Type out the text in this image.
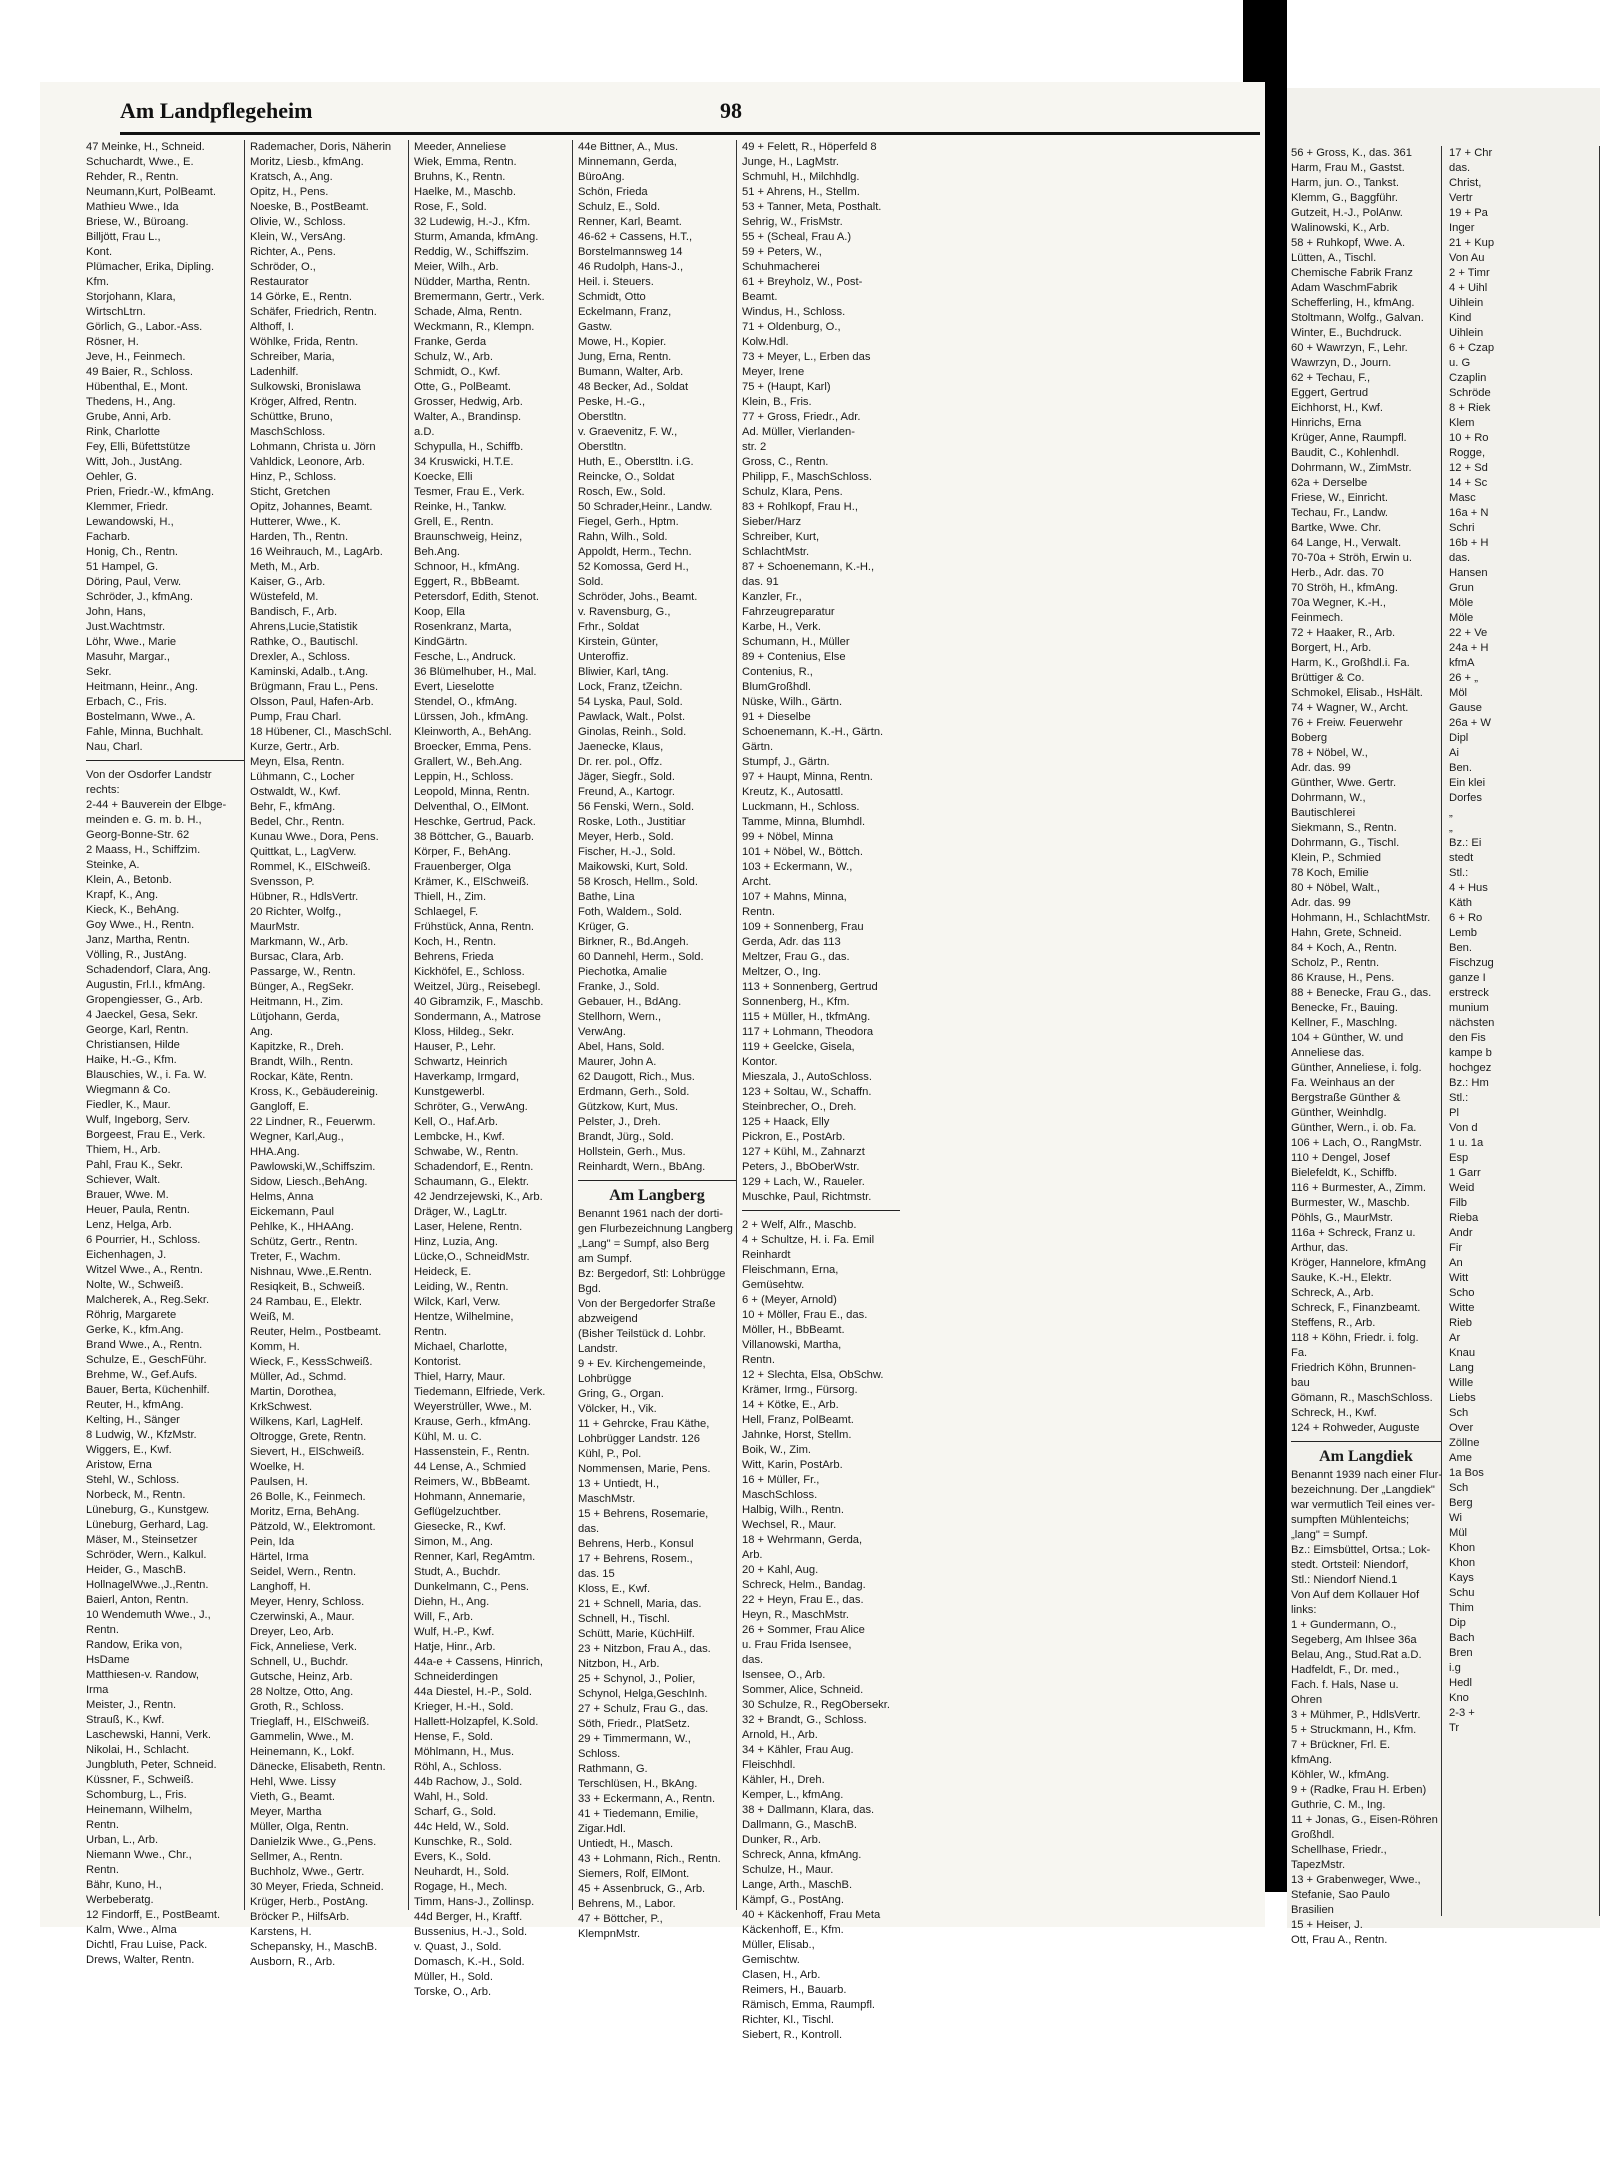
Am Landpflegeheim	98
47 Meinke, H., Schneid.
Schuchardt, Wwe., E.
Rehder, R., Rentn.
Neumann,Kurt, PolBeamt.
Mathieu Wwe., Ida
Briese, W., Büroang.
Billjött, Frau L.,
Kont.
Plümacher, Erika, Dipling.
Kfm.
Storjohann, Klara,
WirtschLtrn.
Görlich, G., Labor.-Ass.
Rösner, H.
Jeve, H., Feinmech.
49 Baier, R., Schloss.
Hübenthal, E., Mont.
Thedens, H., Ang.
Grube, Anni, Arb.
Rink, Charlotte
Fey, Elli, Büfettstütze
Witt, Joh., JustAng.
Oehler, G.
Prien, Friedr.-W., kfmAng.
Klemmer, Friedr.
Lewandowski, H.,
Facharb.
Honig, Ch., Rentn.
51 Hampel, G.
Döring, Paul, Verw.
Schröder, J., kfmAng.
John, Hans,
Just.Wachtmstr.
Löhr, Wwe., Marie
Masuhr, Margar.,
Sekr.
Heitmann, Heinr., Ang.
Erbach, C., Fris.
Bostelmann, Wwe., A.
Fahle, Minna, Buchhalt.
Nau, Charl.
Von der Osdorfer Landstr
rechts:
2-44 + Bauverein der Elbge-
meinden e. G. m. b. H.,
Georg-Bonne-Str. 62
2 Maass, H., Schiffzim.
Steinke, A.
Klein, A., Betonb.
Krapf, K., Ang.
Kieck, K., BehAng.
Goy Wwe., H., Rentn.
Janz, Martha, Rentn.
Völling, R., JustAng.
Schadendorf, Clara, Ang.
Augustin, Frl.I., kfmAng.
Gropengiesser, G., Arb.
4 Jaeckel, Gesa, Sekr.
George, Karl, Rentn.
Christiansen, Hilde
Haike, H.-G., Kfm.
Blauschies, W., i. Fa. W.
Wiegmann & Co.
Fiedler, K., Maur.
Wulf, Ingeborg, Serv.
Borgeest, Frau E., Verk.
Thiem, H., Arb.
Pahl, Frau K., Sekr.
Schiever, Walt.
Brauer, Wwe. M.
Heuer, Paula, Rentn.
Lenz, Helga, Arb.
6 Pourrier, H., Schloss.
Eichenhagen, J.
Witzel Wwe., A., Rentn.
Nolte, W., Schweiß.
Malcherek, A., Reg.Sekr.
Röhrig, Margarete
Gerke, K., kfm.Ang.
Brand Wwe., A., Rentn.
Schulze, E., GeschFühr.
Brehme, W., Gef.Aufs.
Bauer, Berta, Küchenhilf.
Reuter, H., kfmAng.
Kelting, H., Sänger
8 Ludwig, W., KfzMstr.
Wiggers, E., Kwf.
Aristow, Erna
Stehl, W., Schloss.
Norbeck, M., Rentn.
Lüneburg, G., Kunstgew.
Lüneburg, Gerhard, Lag.
Mäser, M., Steinsetzer
Schröder, Wern., Kalkul.
Heider, G., MaschB.
HollnagelWwe.,J.,Rentn.
Baierl, Anton, Rentn.
10 Wendemuth Wwe., J.,
Rentn.
Randow, Erika von,
HsDame
Matthiesen-v. Randow,
Irma
Meister, J., Rentn.
Strauß, K., Kwf.
Laschewski, Hanni, Verk.
Nikolai, H., Schlacht.
Jungbluth, Peter, Schneid.
Küssner, F., Schweiß.
Schomburg, L., Fris.
Heinemann, Wilhelm,
Rentn.
Urban, L., Arb.
Niemann Wwe., Chr.,
Rentn.
Bähr, Kuno, H.,
Werbeberatg.
12 Findorff, E., PostBeamt.
Kalm, Wwe., Alma
Dichtl, Frau Luise, Pack.
Drews, Walter, Rentn.
Rademacher, Doris, Näherin
Moritz, Liesb., kfmAng.
Kratsch, A., Ang.
Opitz, H., Pens.
Noeske, B., PostBeamt.
Olivie, W., Schloss.
Klein, W., VersAng.
Richter, A., Pens.
Schröder, O.,
Restaurator
14 Görke, E., Rentn.
Schäfer, Friedrich, Rentn.
Althoff, I.
Wöhlke, Frida, Rentn.
Schreiber, Maria,
Ladenhilf.
Sulkowski, Bronislawa
Kröger, Alfred, Rentn.
Schüttke, Bruno,
MaschSchloss.
Lohmann, Christa u. Jörn
Vahldick, Leonore, Arb.
Hinz, P., Schloss.
Sticht, Gretchen
Opitz, Johannes, Beamt.
Hutterer, Wwe., K.
Harden, Th., Rentn.
16 Weihrauch, M., LagArb.
Meth, M., Arb.
Kaiser, G., Arb.
Wüstefeld, M.
Bandisch, F., Arb.
Ahrens,Lucie,Statistik
Rathke, O., Bautischl.
Drexler, A., Schloss.
Kaminski, Adalb., t.Ang.
Brügmann, Frau L., Pens.
Olsson, Paul, Hafen-Arb.
Pump, Frau Charl.
18 Hübener, Cl., MaschSchl.
Kurze, Gertr., Arb.
Meyn, Elsa, Rentn.
Lühmann, C., Locher
Ostwaldt, W., Kwf.
Behr, F., kfmAng.
Bedel, Chr., Rentn.
Kunau Wwe., Dora, Pens.
Quittkat, L., LagVerw.
Rommel, K., ElSchweiß.
Svensson, P.
Hübner, R., HdlsVertr.
20 Richter, Wolfg.,
MaurMstr.
Markmann, W., Arb.
Bursac, Clara, Arb.
Passarge, W., Rentn.
Bünger, A., RegSekr.
Heitmann, H., Zim.
Lütjohann, Gerda,
Ang.
Kapitzke, R., Dreh.
Brandt, Wilh., Rentn.
Rockar, Käte, Rentn.
Kross, K., Gebäudereinig.
Gangloff, E.
22 Lindner, R., Feuerwm.
Wegner, Karl,Aug.,
HHA.Ang.
Pawlowski,W.,Schiffszim.
Sidow, Liesch.,BehAng.
Helms, Anna
Eickemann, Paul
Pehlke, K., HHAAng.
Schütz, Gertr., Rentn.
Treter, F., Wachm.
Nishnau, Wwe.,E.Rentn.
Resiqkeit, B., Schweiß.
24 Rambau, E., Elektr.
Weiß, M.
Reuter, Helm., Postbeamt.
Komm, H.
Wieck, F., KessSchweiß.
Müller, Ad., Schmd.
Martin, Dorothea,
KrkSchwest.
Wilkens, Karl, LagHelf.
Oltrogge, Grete, Rentn.
Sievert, H., ElSchweiß.
Woelke, H.
Paulsen, H.
26 Bolle, K., Feinmech.
Moritz, Erna, BehAng.
Pätzold, W., Elektromont.
Pein, Ida
Härtel, Irma
Seidel, Wern., Rentn.
Langhoff, H.
Meyer, Henry, Schloss.
Czerwinski, A., Maur.
Dreyer, Leo, Arb.
Fick, Anneliese, Verk.
Schnell, U., Buchdr.
Gutsche, Heinz, Arb.
28 Noltze, Otto, Ang.
Groth, R., Schloss.
Trieglaff, H., ElSchweiß.
Gammelin, Wwe., M.
Heinemann, K., Lokf.
Dänecke, Elisabeth, Rentn.
Hehl, Wwe. Lissy
Vieth, G., Beamt.
Meyer, Martha
Müller, Olga, Rentn.
Danielzik Wwe., G.,Pens.
Sellmer, A., Rentn.
Buchholz, Wwe., Gertr.
30 Meyer, Frieda, Schneid.
Krüger, Herb., PostAng.
Bröcker P., HilfsArb.
Karstens, H.
Schepansky, H., MaschB.
Ausborn, R., Arb.
Meeder, Anneliese
Wiek, Emma, Rentn.
Bruhns, K., Rentn.
Haelke, M., Maschb.
Rose, F., Sold.
32 Ludewig, H.-J., Kfm.
Sturm, Amanda, kfmAng.
Reddig, W., Schiffszim.
Meier, Wilh., Arb.
Nüdder, Martha, Rentn.
Bremermann, Gertr., Verk.
Schade, Alma, Rentn.
Weckmann, R., Klempn.
Franke, Gerda
Schulz, W., Arb.
Schmidt, O., Kwf.
Otte, G., PolBeamt.
Grosser, Hedwig, Arb.
Walter, A., Brandinsp.
a.D.
Schypulla, H., Schiffb.
34 Kruswicki, H.T.E.
Koecke, Elli
Tesmer, Frau E., Verk.
Reinke, H., Tankw.
Grell, E., Rentn.
Braunschweig, Heinz,
Beh.Ang.
Schnoor, H., kfmAng.
Eggert, R., BbBeamt.
Petersdorf, Edith, Stenot.
Koop, Ella
Rosenkranz, Marta,
KindGärtn.
Fesche, L., Andruck.
36 Blümelhuber, H., Mal.
Evert, Lieselotte
Stendel, O., kfmAng.
Lürssen, Joh., kfmAng.
Kleinworth, A., BehAng.
Broecker, Emma, Pens.
Grallert, W., Beh.Ang.
Leppin, H., Schloss.
Leopold, Minna, Rentn.
Delventhal, O., ElMont.
Heschke, Gertrud, Pack.
38 Böttcher, G., Bauarb.
Körper, F., BehAng.
Frauenberger, Olga
Krämer, K., ElSchweiß.
Thiell, H., Zim.
Schlaegel, F.
Frühstück, Anna, Rentn.
Koch, H., Rentn.
Behrens, Frieda
Kickhöfel, E., Schloss.
Weitzel, Jürg., Reisebegl.
40 Gibramzik, F., Maschb.
Sondermann, A., Matrose
Kloss, Hildeg., Sekr.
Hauser, P., Lehr.
Schwartz, Heinrich
Haverkamp, Irmgard,
Kunstgewerbl.
Schröter, G., VerwAng.
Kell, O., Haf.Arb.
Lembcke, H., Kwf.
Schwabe, W., Rentn.
Schadendorf, E., Rentn.
Schaumann, G., Elektr.
42 Jendrzejewski, K., Arb.
Dräger, W., LagLtr.
Laser, Helene, Rentn.
Hinz, Luzia, Ang.
Lücke,O., SchneidMstr.
Heideck, E.
Leiding, W., Rentn.
Wilck, Karl, Verw.
Hentze, Wilhelmine,
Rentn.
Michael, Charlotte,
Kontorist.
Thiel, Harry, Maur.
Tiedemann, Elfriede, Verk.
Weyerstrüller, Wwe., M.
Krause, Gerh., kfmAng.
Kühl, M. u. C.
Hassenstein, F., Rentn.
44 Lense, A., Schmied
Reimers, W., BbBeamt.
Hohmann, Annemarie,
Geflügelzuchtber.
Giesecke, R., Kwf.
Simon, M., Ang.
Renner, Karl, RegAmtm.
Studt, A., Buchdr.
Dunkelmann, C., Pens.
Diehn, H., Ang.
Will, F., Arb.
Wulf, H.-P., Kwf.
Hatje, Hinr., Arb.
44a-e + Cassens, Hinrich,
Schneiderdingen
44a Diestel, H.-P., Sold.
Krieger, H.-H., Sold.
Hallett-Holzapfel, K.Sold.
Hense, F., Sold.
Möhlmann, H., Mus.
Röhl, A., Schloss.
44b Rachow, J., Sold.
Wahl, H., Sold.
Scharf, G., Sold.
44c Held, W., Sold.
Kunschke, R., Sold.
Evers, K., Sold.
Neuhardt, H., Sold.
Rogage, H., Mech.
Timm, Hans-J., Zollinsp.
44d Berger, H., Kraftf.
Bussenius, H.-J., Sold.
v. Quast, J., Sold.
Domasch, K.-H., Sold.
Müller, H., Sold.
Torske, O., Arb.
44e Bittner, A., Mus.
Minnemann, Gerda,
BüroAng.
Schön, Frieda
Schulz, E., Sold.
Renner, Karl, Beamt.
46-62 + Cassens, H.T.,
Borstelmannsweg 14
46 Rudolph, Hans-J.,
Heil. i. Steuers.
Schmidt, Otto
Eckelmann, Franz,
Gastw.
Mowe, H., Kopier.
Jung, Erna, Rentn.
Bumann, Walter, Arb.
48 Becker, Ad., Soldat
Peske, H.-G.,
Oberstltn.
v. Graevenitz, F. W.,
Oberstltn.
Huth, E., Oberstltn. i.G.
Reincke, O., Soldat
Rosch, Ew., Sold.
50 Schrader,Heinr., Landw.
Fiegel, Gerh., Hptm.
Rahn, Wilh., Sold.
Appoldt, Herm., Techn.
52 Komossa, Gerd H.,
Sold.
Schröder, Johs., Beamt.
v. Ravensburg, G.,
Frhr., Soldat
Kirstein, Günter,
Unteroffiz.
Bliwier, Karl, tAng.
Lock, Franz, tZeichn.
54 Lyska, Paul, Sold.
Pawlack, Walt., Polst.
Ginolas, Reinh., Sold.
Jaenecke, Klaus,
Dr. rer. pol., Offz.
Jäger, Siegfr., Sold.
Freund, A., Kartogr.
56 Fenski, Wern., Sold.
Roske, Loth., Justitiar
Meyer, Herb., Sold.
Fischer, H.-J., Sold.
Maikowski, Kurt, Sold.
58 Krosch, Hellm., Sold.
Bathe, Lina
Foth, Waldem., Sold.
Krüger, G.
Birkner, R., Bd.Angeh.
60 Dannehl, Herm., Sold.
Piechotka, Amalie
Franke, J., Sold.
Gebauer, H., BdAng.
Stellhorn, Wern.,
VerwAng.
Abel, Hans, Sold.
Maurer, John A.
62 Daugott, Rich., Mus.
Erdmann, Gerh., Sold.
Gützkow, Kurt, Mus.
Pelster, J., Dreh.
Brandt, Jürg., Sold.
Hollstein, Gerh., Mus.
Reinhardt, Wern., BbAng.
Am Langberg
Benannt 1961 nach der dorti-
gen Flurbezeichnung Langberg
„Lang" = Sumpf, also Berg
am Sumpf.
Bz: Bergedorf, Stl: Lohbrügge
Bgd.
Von der Bergedorfer Straße
abzweigend
(Bisher Teilstück d. Lohbr.
Landstr.
9 + Ev. Kirchengemeinde,
Lohbrügge
Gring, G., Organ.
Völcker, H., Vik.
11 + Gehrcke, Frau Käthe,
Lohbrügger Landstr. 126
Kühl, P., Pol.
Nommensen, Marie, Pens.
13 + Untiedt, H.,
MaschMstr.
15 + Behrens, Rosemarie,
das.
Behrens, Herb., Konsul
17 + Behrens, Rosem.,
das. 15
Kloss, E., Kwf.
21 + Schnell, Maria, das.
Schnell, H., Tischl.
Schütt, Marie, KüchHilf.
23 + Nitzbon, Frau A., das.
Nitzbon, H., Arb.
25 + Schynol, J., Polier,
Schynol, Helga,GeschInh.
27 + Schulz, Frau G., das.
Söth, Friedr., PlatSetz.
29 + Timmermann, W.,
Schloss.
Rathmann, G.
Terschlüsen, H., BkAng.
33 + Eckermann, A., Rentn.
41 + Tiedemann, Emilie,
Zigar.Hdl.
Untiedt, H., Masch.
43 + Lohmann, Rich., Rentn.
Siemers, Rolf, ElMont.
45 + Assenbruck, G., Arb.
Behrens, M., Labor.
47 + Böttcher, P.,
KlempnMstr.
49 + Felett, R., Höperfeld 8
Junge, H., LagMstr.
Schmuhl, H., Milchhdlg.
51 + Ahrens, H., Stellm.
53 + Tanner, Meta, Posthalt.
Sehrig, W., FrisMstr.
55 + (Scheal, Frau A.)
59 + Peters, W.,
Schuhmacherei
61 + Breyholz, W., Post-
Beamt.
Windus, H., Schloss.
71 + Oldenburg, O.,
Kolw.Hdl.
73 + Meyer, L., Erben das
Meyer, Irene
75 + (Haupt, Karl)
Klein, B., Fris.
77 + Gross, Friedr., Adr.
Ad. Müller, Vierlanden-
str. 2
Gross, C., Rentn.
Philipp, F., MaschSchloss.
Schulz, Klara, Pens.
83 + Rohlkopf, Frau H.,
Sieber/Harz
Schreiber, Kurt,
SchlachtMstr.
87 + Schoenemann, K.-H.,
das. 91
Kanzler, Fr.,
Fahrzeugreparatur
Karbe, H., Verk.
Schumann, H., Müller
89 + Contenius, Else
Contenius, R.,
BlumGroßhdl.
Nüske, Wilh., Gärtn.
91 + Dieselbe
Schoenemann, K.-H., Gärtn.
Gärtn.
Stumpf, J., Gärtn.
97 + Haupt, Minna, Rentn.
Kreutz, K., Autosattl.
Luckmann, H., Schloss.
Tamme, Minna, Blumhdl.
99 + Nöbel, Minna
101 + Nöbel, W., Böttch.
103 + Eckermann, W.,
Archt.
107 + Mahns, Minna,
Rentn.
109 + Sonnenberg, Frau
Gerda, Adr. das 113
Meltzer, Frau G., das.
Meltzer, O., Ing.
113 + Sonnenberg, Gertrud
Sonnenberg, H., Kfm.
115 + Müller, H., tkfmAng.
117 + Lohmann, Theodora
119 + Geelcke, Gisela,
Kontor.
Mieszala, J., AutoSchloss.
123 + Soltau, W., Schaffn.
Steinbrecher, O., Dreh.
125 + Haack, Elly
Pickron, E., PostArb.
127 + Kühl, M., Zahnarzt
Peters, J., BbOberWstr.
129 + Lach, W., Raueler.
Muschke, Paul, Richtmstr.
2 + Welf, Alfr., Maschb.
4 + Schultze, H. i. Fa. Emil
Reinhardt
Fleischmann, Erna,
Gemüsehtw.
6 + (Meyer, Arnold)
10 + Möller, Frau E., das.
Möller, H., BbBeamt.
Villanowski, Martha,
Rentn.
12 + Slechta, Elsa, ObSchw.
Krämer, Irmg., Fürsorg.
14 + Kötke, E., Arb.
Hell, Franz, PolBeamt.
Jahnke, Horst, Stellm.
Boik, W., Zim.
Witt, Karin, PostArb.
16 + Müller, Fr.,
MaschSchloss.
Halbig, Wilh., Rentn.
Wechsel, R., Maur.
18 + Wehrmann, Gerda,
Arb.
20 + Kahl, Aug.
Schreck, Helm., Bandag.
22 + Heyn, Frau E., das.
Heyn, R., MaschMstr.
26 + Sommer, Frau Alice
u. Frau Frida Isensee,
das.
Isensee, O., Arb.
Sommer, Alice, Schneid.
30 Schulze, R., RegObersekr.
32 + Brandt, G., Schloss.
Arnold, H., Arb.
34 + Kähler, Frau Aug.
Fleischhdl.
Kähler, H., Dreh.
Kemper, L., kfmAng.
38 + Dallmann, Klara, das.
Dallmann, G., MaschB.
Dunker, R., Arb.
Schreck, Anna, kfmAng.
Schulze, H., Maur.
Lange, Arth., MaschB.
Kämpf, G., PostAng.
40 + Käckenhoff, Frau Meta
Käckenhoff, E., Kfm.
Müller, Elisab.,
Gemischtw.
Clasen, H., Arb.
Reimers, H., Bauarb.
Rämisch, Emma, Raumpfl.
Richter, Kl., Tischl.
Siebert, R., Kontroll.
56 + Gross, K., das. 361
Harm, Frau M., Gastst.
Harm, jun. O., Tankst.
Klemm, G., Baggführ.
Gutzeit, H.-J., PolAnw.
Walinowski, K., Arb.
58 + Ruhkopf, Wwe. A.
Lütten, A., Tischl.
Chemische Fabrik Franz
Adam WaschmFabrik
Schefferling, H., kfmAng.
Stoltmann, Wolfg., Galvan.
Winter, E., Buchdruck.
60 + Wawrzyn, F., Lehr.
Wawrzyn, D., Journ.
62 + Techau, F.,
Eggert, Gertrud
Eichhorst, H., Kwf.
Hinrichs, Erna
Krüger, Anne, Raumpfl.
Baudit, C., Kohlenhdl.
Dohrmann, W., ZimMstr.
62a + Derselbe
Friese, W., Einricht.
Techau, Fr., Landw.
Bartke, Wwe. Chr.
64 Lange, H., Verwalt.
70-70a + Ströh, Erwin u.
Herb., Adr. das. 70
70 Ströh, H., kfmAng.
70a Wegner, K.-H.,
Feinmech.
72 + Haaker, R., Arb.
Borgert, H., Arb.
Harm, K., Großhdl.i. Fa.
Brüttiger & Co.
Schmokel, Elisab., HsHält.
74 + Wagner, W., Archt.
76 + Freiw. Feuerwehr
Boberg
78 + Nöbel, W.,
Adr. das. 99
Günther, Wwe. Gertr.
Dohrmann, W.,
Bautischlerei
Siekmann, S., Rentn.
Dohrmann, G., Tischl.
Klein, P., Schmied
78 Koch, Emilie
80 + Nöbel, Walt.,
Adr. das. 99
Hohmann, H., SchlachtMstr.
Hahn, Grete, Schneid.
84 + Koch, A., Rentn.
Scholz, P., Rentn.
86 Krause, H., Pens.
88 + Benecke, Frau G., das.
Benecke, Fr., Bauing.
Kellner, F., Maschlng.
104 + Günther, W. und
Anneliese das.
Günther, Anneliese, i. folg.
Fa. Weinhaus an der
Bergstraße Günther &
Günther, Weinhdlg.
Günther, Wern., i. ob. Fa.
106 + Lach, O., RangMstr.
110 + Dengel, Josef
Bielefeldt, K., Schiffb.
116 + Burmester, A., Zimm.
Burmester, W., Maschb.
Pöhls, G., MaurMstr.
116a + Schreck, Franz u.
Arthur, das.
Kröger, Hannelore, kfmAng
Sauke, K.-H., Elektr.
Schreck, A., Arb.
Schreck, F., Finanzbeamt.
Steffens, R., Arb.
118 + Köhn, Friedr. i. folg.
Fa.
Friedrich Köhn, Brunnen-
bau
Gömann, R., MaschSchloss.
Schreck, H., Kwf.
124 + Rohweder, Auguste
Am Langdiek
Benannt 1939 nach einer Flur-
bezeichnung. Der „Langdiek"
war vermutlich Teil eines ver-
sumpften Mühlenteichs;
„lang" = Sumpf.
Bz.: Eimsbüttel, Ortsa.; Lok-
stedt. Ortsteil: Niendorf,
Stl.: Niendorf Niend.1
Von Auf dem Kollauer Hof
links:
1 + Gundermann, O.,
Segeberg, Am Ihlsee 36a
Belau, Ang., Stud.Rat a.D.
Hadfeldt, F., Dr. med.,
Fach. f. Hals, Nase u.
Ohren
3 + Mühmer, P., HdlsVertr.
5 + Struckmann, H., Kfm.
7 + Brückner, Frl. E.
kfmAng.
Köhler, W., kfmAng.
9 + (Radke, Frau H. Erben)
Guthrie, C. M., Ing.
11 + Jonas, G., Eisen-Röhren
Großhdl.
Schellhase, Friedr.,
TapezMstr.
13 + Grabenweger, Wwe.,
Stefanie, Sao Paulo
Brasilien
15 + Heiser, J.
Ott, Frau A., Rentn.
17 + Chr
das.
Christ,
Vertr
19 + Pa
Inger
21 + Kup
Von Au
2 + Timr
4 + Uihl
Uihlein
Kind
Uihlein
6 + Czap
u. G
Czaplin
Schröde
8 + Riek
Klem
10 + Ro
Rogge,
12 + Sd
14 + Sc
Masc
16a + N
Schri
16b + H
das.
Hansen
Grun
Möle
Möle
22 + Ve
24a + H
kfmA
26 + „
Möl
Gause
26a + W
Dipl
Ai
Ben.
Ein klei
Dorfes
„
„
Bz.: Ei
stedt
Stl.:
4 + Hus
Käth
6 + Ro
Lemb
Ben.
Fischzug
ganze I
erstreck
munium
nächsten
den Fis
kampe b
hochgez
Bz.: Hm
Stl.:
Pl
Von d
1 u. 1a
Esp
1 Garr
Weid
Filb
Rieba
Andr
Fir
An
Witt
Scho
Witte
Rieb
Ar
Knau
Lang
Wille
Liebs
Sch
Over
Zöllne
Ame
1a Bos
Sch
Berg
Wi
Mül
Khon
Khon
Kays
Schu
Thim
Dip
Bach
Bren
i.g
Hedl
Kno
2-3 +
Tr
